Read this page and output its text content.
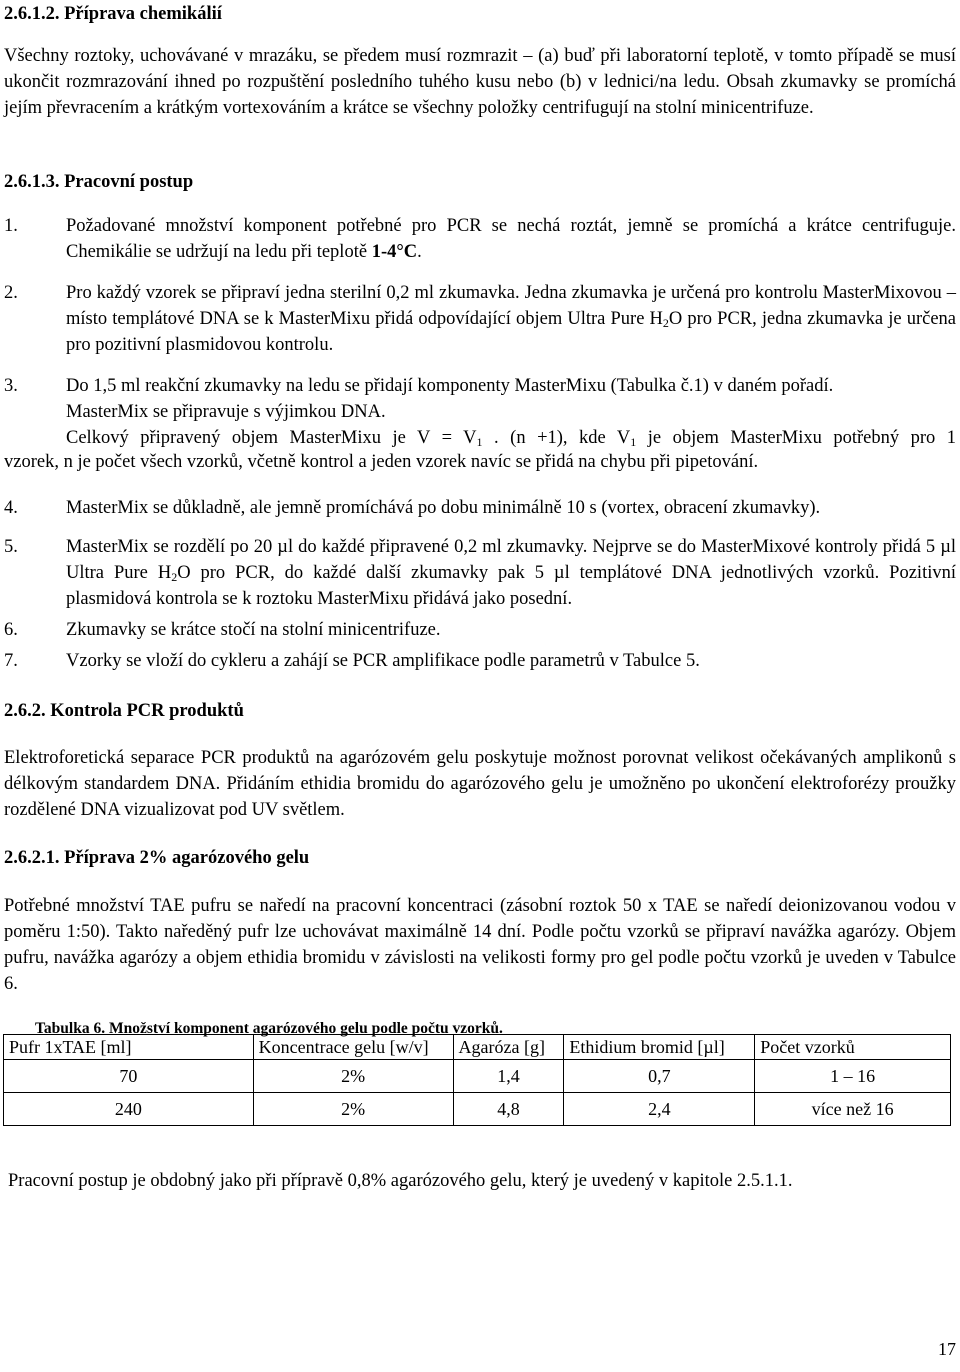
2.6.1.2. Příprava chemikálií
Všechny roztoky, uchovávané v mrazáku, se předem musí rozmrazit – (a) buď při laboratorní teplotě, v tomto případě se musí ukončit rozmrazování ihned po rozpuštění posledního tuhého kusu nebo (b) v lednici/na ledu. Obsah zkumavky se promíchá jejím převracením a krátkým vortexováním a krátce se všechny položky centrifugují na stolní minicentrifuze.
2.6.1.3. Pracovní postup
1.	Požadované množství komponent potřebné pro PCR se nechá roztát, jemně se promíchá a krátce centrifuguje. Chemikálie se udržují na ledu při teplotě 1-4°C.
2.	Pro každý vzorek se připraví jedna sterilní 0,2 ml zkumavka. Jedna zkumavka je určená pro kontrolu MasterMixovou – místo templátové DNA se k MasterMixu přidá odpovídající objem Ultra Pure $H_2O$ pro PCR, jedna zkumavka je určena pro pozitivní plasmidovou kontrolu.
3.	Do 1,5 ml reakční zkumavky na ledu se přidají komponenty MasterMixu (Tabulka č.1) v daném pořadí.
MasterMix se připravuje s výjimkou DNA.
Celkový připravený objem MasterMixu je $V = V_1$ . (n +1), kde $V_1$ je objem MasterMixu potřebný pro 1
vzorek, n je počet všech vzorků, včetně kontrol a jeden vzorek navíc se přidá na chybu při pipetování.
4.	MasterMix se důkladně, ale jemně promíchává po dobu minimálně 10 s (vortex, obracení zkumavky).
5.	MasterMix se rozdělí po 20 µl do každé připravené 0,2 ml zkumavky. Nejprve se do MasterMixové kontroly přidá 5 µl Ultra Pure $H_2O$ pro PCR, do každé další zkumavky pak 5 µl templátové DNA jednotlivých vzorků. Pozitivní plasmidová kontrola se k roztoku MasterMixu přidává jako posední.
6.	Zkumavky se krátce stočí na stolní minicentrifuze.
7.	Vzorky se vloží do cykleru a zahájí se PCR amplifikace podle parametrů v Tabulce 5.
2.6.2. Kontrola PCR produktů
Elektroforetická separace PCR produktů na agarózovém gelu poskytuje možnost porovnat velikost očekávaných amplikonů s délkovým standardem DNA. Přidáním ethidia bromidu do agarózového gelu je umožněno po ukončení elektroforézy proužky rozdělené DNA vizualizovat pod UV světlem.
2.6.2.1. Příprava 2% agarózového gelu
Potřebné množství TAE pufru se naředí na pracovní koncentraci (zásobní roztok 50 x TAE se naředí deionizovanou vodou v poměru 1:50). Takto naředěný pufr lze uchovávat maximálně 14 dní. Podle počtu vzorků se připraví navážka agarózy. Objem pufru, navážka agarózy a objem ethidia bromidu v závislosti na velikosti formy pro gel podle počtu vzorků je uveden v Tabulce 6.
Tabulka 6. Množství komponent agarózového gelu podle počtu vzorků.
Pufr 1xTAE [ml]	Koncentrace gelu [w/v]	Agaróza [g]	Ethidium bromid [µl]	Počet vzorků
70	2%	1,4	0,7	1 – 16
240	2%	4,8	2,4	více než 16
Pracovní postup je obdobný jako při přípravě 0,8% agarózového gelu, který je uvedený v kapitole 2.5.1.1.
17
